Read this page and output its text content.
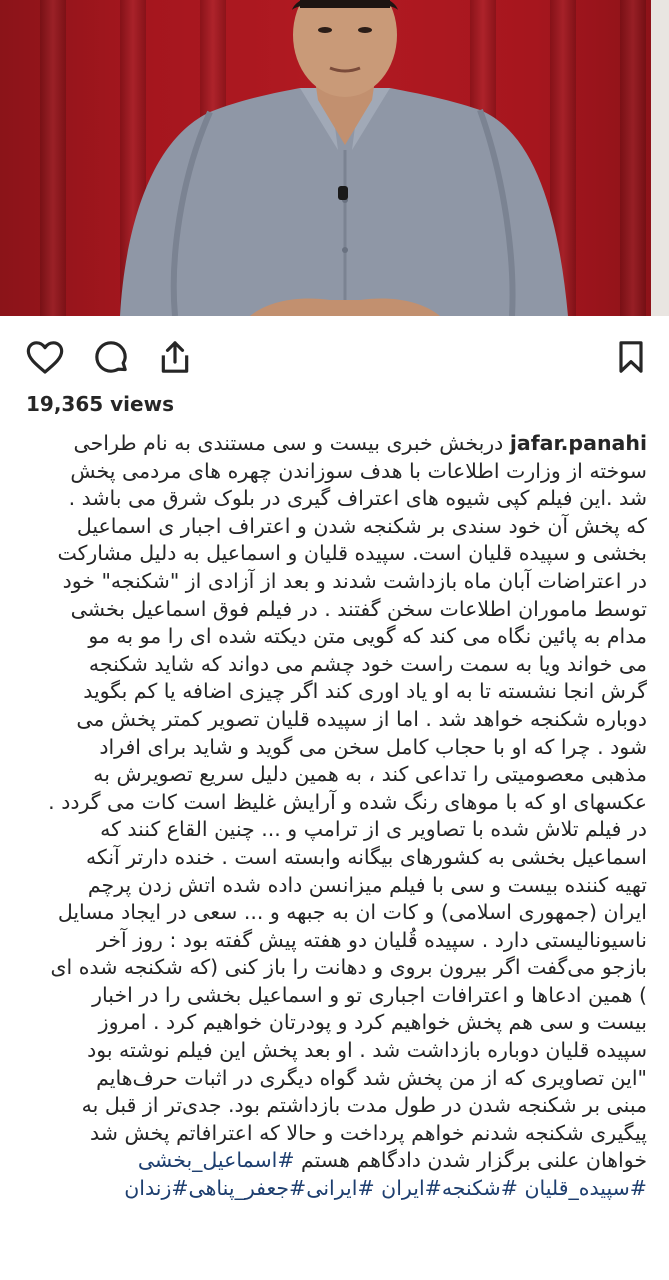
19,365 views
jafar.panahi دربخش خبری بیست و سی مستندی به نام طراحی
سوخته از وزارت اطلاعات با هدف سوزاندن چهره های مردمی پخش
شد .این فیلم کپی شیوه های اعتراف گیری در بلوک شرق می باشد .
که پخش آن خود سندی بر شکنجه شدن و اعتراف اجبار ی اسماعیل
بخشی و سپیده قلیان است. سپیده قلیان و اسماعیل به دلیل مشارکت
در اعتراضات آبان ماه بازداشت شدند و بعد از آزادی از "شکنجه" خود
توسط ماموران اطلاعات سخن گفتند . در فیلم فوق اسماعیل بخشی
مدام به پائین نگاه می کند که گویی متن دیکته شده ای را مو به مو
می خواند ویا به سمت راست خود چشم می دواند که شاید شکنجه
گرش انجا نشسته تا به او یاد اوری کند اگر چیزی اضافه یا کم بگوید
دوباره شکنجه خواهد شد . اما از سپیده قلیان تصویر کمتر پخش می
شود . چرا که او با حجاب کامل سخن می گوید و شاید برای افراد
مذهبی معصومیتی را تداعی کند ، به همین دلیل سریع تصویرش به
عکسهای او که با موهای رنگ شده و آرایش غلیظ است کات می گردد .
در فیلم تلاش شده با تصاویر ی از ترامپ و ... چنین القاع کنند که
اسماعیل بخشی به کشورهای بیگانه وابسته است . خنده دارتر آنکه
تهیه کننده بیست و سی با فیلم میزانسن داده شده اتش زدن پرچم
ایران (جمهوری اسلامی) و کات ان به جبهه و ... سعی در ایجاد مسایل
ناسیونالیستی دارد . سپیده قُلیان دو هفته پیش گفته بود : روز آخر
بازجو می‌گفت اگر بیرون بروی و دهانت را باز کنی (که شکنجه شده ای
) همین ادعاها و اعترافات اجباری تو و اسماعیل بخشی را در اخبار
بیست و سی هم پخش خواهیم کرد و پودرتان خواهیم کرد . امروز
سپیده قلیان دوباره بازداشت شد . او بعد پخش این فیلم نوشته بود
"این تصاویری که از من پخش شد گواه دیگری در اثبات حرف‌هایم
مبنی بر شکنجه شدن در طول مدت بازداشتم بود. جدی‌تر از قبل به
پیگیری شکنجه شدنم خواهم پرداخت و حالا که اعترافاتم پخش شد
خواهان علنی برگزار شدن دادگاهم هستم #اسماعیل_بخشی
#سپیده_قلیان #شکنجه#ایران #ایرانی#جعفر_پناهی#زندان
